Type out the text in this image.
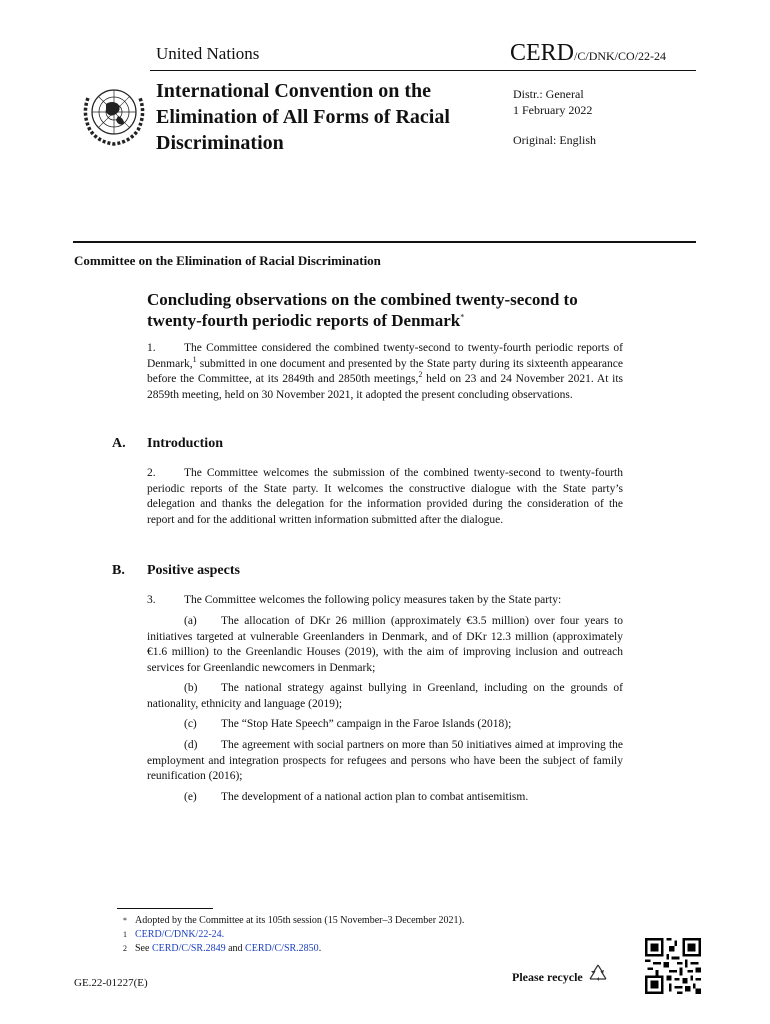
United Nations	CERD/C/DNK/CO/22-24
International Convention on the Elimination of All Forms of Racial Discrimination
Distr.: General
1 February 2022
Original: English
Committee on the Elimination of Racial Discrimination
Concluding observations on the combined twenty-second to twenty-fourth periodic reports of Denmark*
1. The Committee considered the combined twenty-second to twenty-fourth periodic reports of Denmark,$^1$ submitted in one document and presented by the State party during its sixteenth appearance before the Committee, at its 2849th and 2850th meetings,$^2$ held on 23 and 24 November 2021. At its 2859th meeting, held on 30 November 2021, it adopted the present concluding observations.
A. Introduction
2. The Committee welcomes the submission of the combined twenty-second to twenty-fourth periodic reports of the State party. It welcomes the constructive dialogue with the State party’s delegation and thanks the delegation for the information provided during the consideration of the report and for the additional written information submitted after the dialogue.
B. Positive aspects
3. The Committee welcomes the following policy measures taken by the State party:
(a) The allocation of DKr 26 million (approximately €3.5 million) over four years to initiatives targeted at vulnerable Greenlanders in Denmark, and of DKr 12.3 million (approximately €1.6 million) to the Greenlandic Houses (2019), with the aim of improving inclusion and outreach services for Greenlandic newcomers in Denmark;
(b) The national strategy against bullying in Greenland, including on the grounds of nationality, ethnicity and language (2019);
(c) The “Stop Hate Speech” campaign in the Faroe Islands (2018);
(d) The agreement with social partners on more than 50 initiatives aimed at improving the employment and integration prospects for refugees and persons who have been the subject of family reunification (2016);
(e) The development of a national action plan to combat antisemitism.
* Adopted by the Committee at its 105th session (15 November–3 December 2021).
1 CERD/C/DNK/22-24.
2 See CERD/C/SR.2849 and CERD/C/SR.2850.
GE.22-01227(E)	Please recycle
